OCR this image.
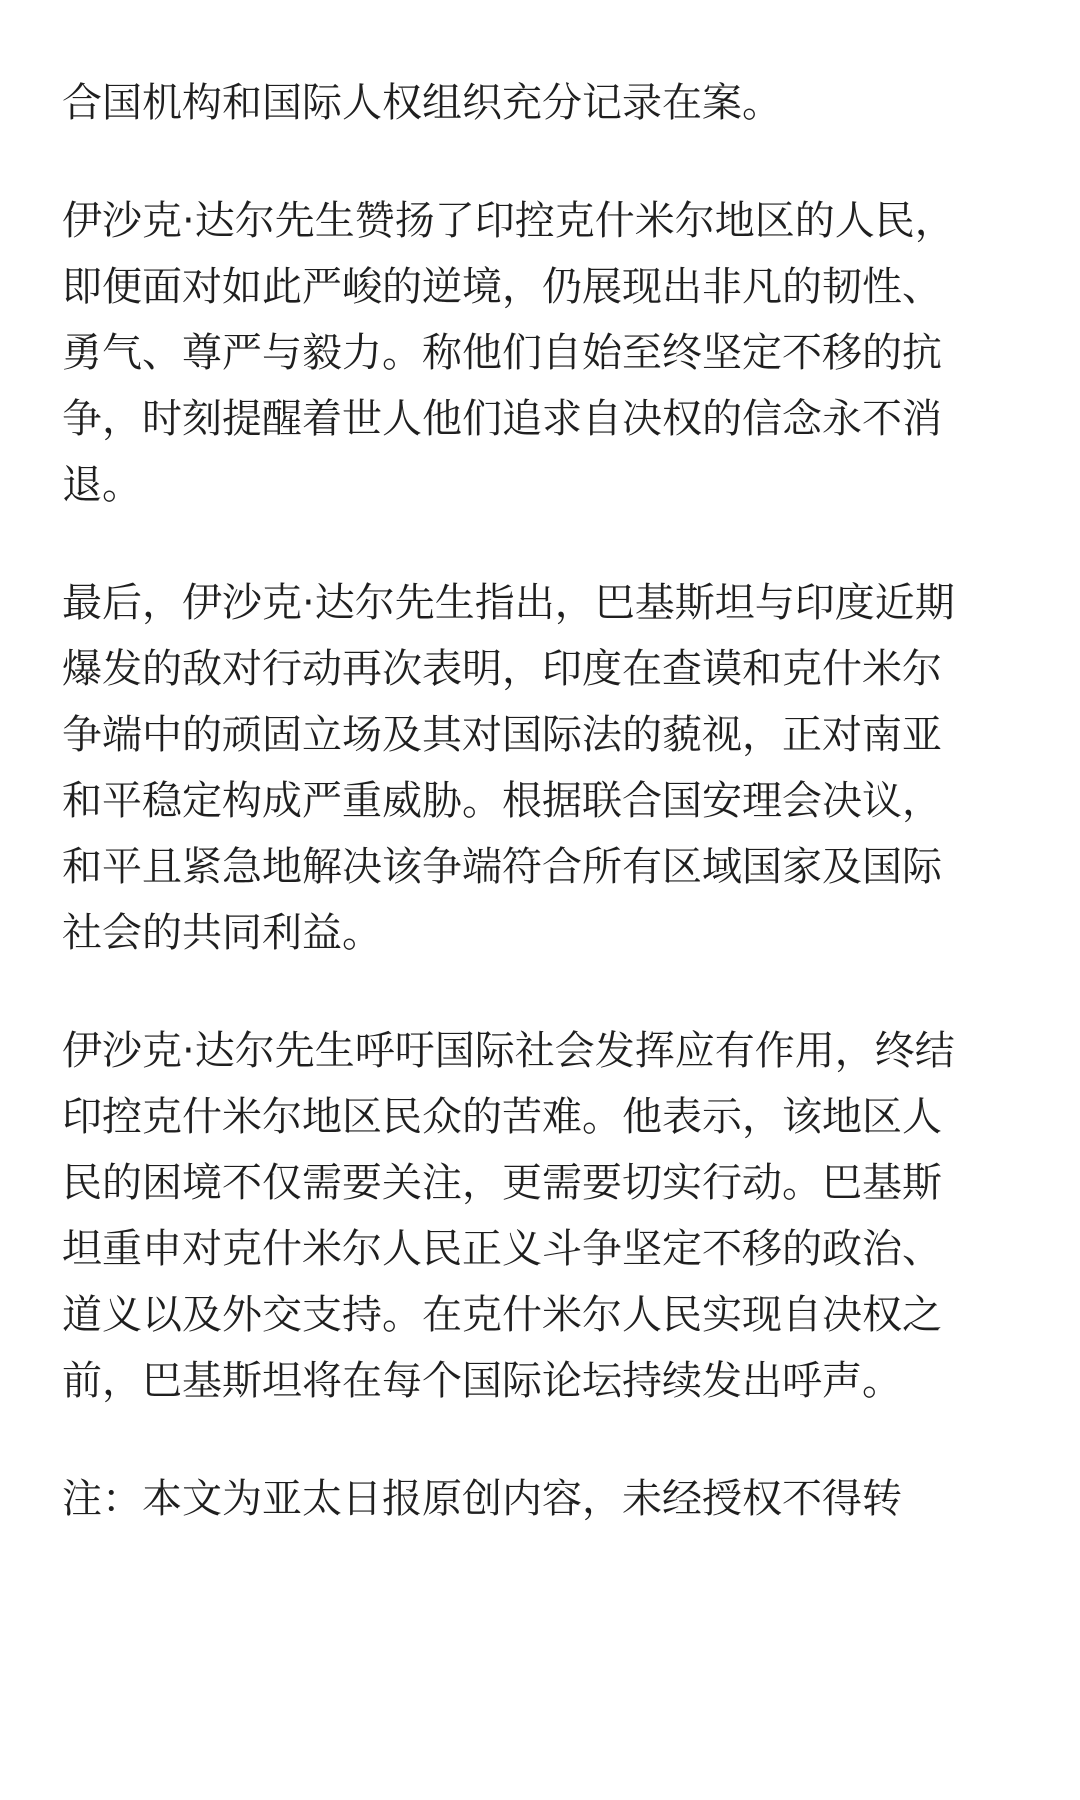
合国机构和国际人权组织充分记录在案。

伊沙克·达尔先生赞扬了印控克什米尔地区的人民，
即便面对如此严峻的逆境，仍展现出非凡的韧性、
勇气、尊严与毅力。称他们自始至终坚定不移的抗
争，时刻提醒着世人他们追求自决权的信念永不消
退。

最后，伊沙克·达尔先生指出，巴基斯坦与印度近期
爆发的敌对行动再次表明，印度在查谟和克什米尔
争端中的顽固立场及其对国际法的藐视，正对南亚
和平稳定构成严重威胁。根据联合国安理会决议，
和平且紧急地解决该争端符合所有区域国家及国际
社会的共同利益。

伊沙克·达尔先生呼吁国际社会发挥应有作用，终结
印控克什米尔地区民众的苦难。他表示，该地区人
民的困境不仅需要关注，更需要切实行动。巴基斯
坦重申对克什米尔人民正义斗争坚定不移的政治、
道义以及外交支持。在克什米尔人民实现自决权之
前，巴基斯坦将在每个国际论坛持续发出呼声。

注：本文为亚太日报原创内容，未经授权不得转
